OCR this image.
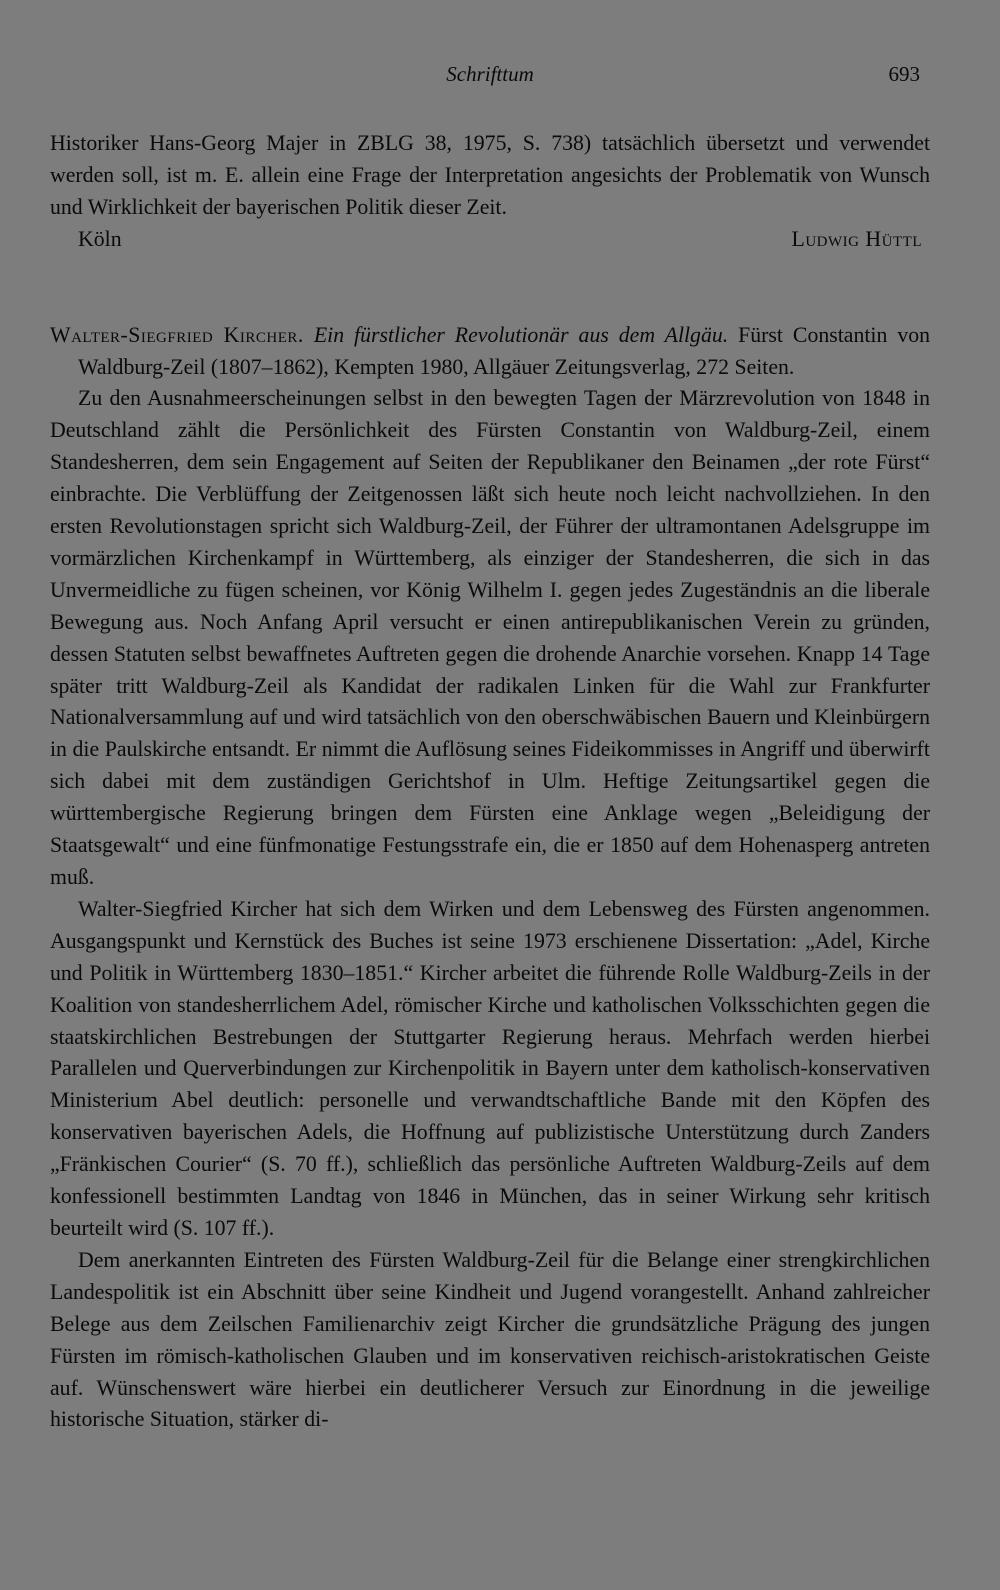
Schrifttum	693

Historiker Hans-Georg Majer in ZBLG 38, 1975, S. 738) tatsächlich übersetzt und verwendet werden soll, ist m. E. allein eine Frage der Interpretation angesichts der Problematik von Wunsch und Wirklichkeit der bayerischen Politik dieser Zeit.

Köln	Ludwig Hüttl

Walter-Siegfried Kircher. Ein fürstlicher Revolutionär aus dem Allgäu. Fürst Constantin von Waldburg-Zeil (1807–1862), Kempten 1980, Allgäuer Zeitungsverlag, 272 Seiten.

Zu den Ausnahmeerscheinungen selbst in den bewegten Tagen der Märzrevolution von 1848 in Deutschland zählt die Persönlichkeit des Fürsten Constantin von Waldburg-Zeil, einem Standesherren, dem sein Engagement auf Seiten der Republikaner den Beinamen „der rote Fürst“ einbrachte. Die Verblüffung der Zeitgenossen läßt sich heute noch leicht nachvollziehen. In den ersten Revolutionstagen spricht sich Waldburg-Zeil, der Führer der ultramontanen Adelsgruppe im vormärzlichen Kirchenkampf in Württemberg, als einziger der Standesherren, die sich in das Unvermeidliche zu fügen scheinen, vor König Wilhelm I. gegen jedes Zugeständnis an die liberale Bewegung aus. Noch Anfang April versucht er einen antirepublikanischen Verein zu gründen, dessen Statuten selbst bewaffnetes Auftreten gegen die drohende Anarchie vorsehen. Knapp 14 Tage später tritt Waldburg-Zeil als Kandidat der radikalen Linken für die Wahl zur Frankfurter Nationalversammlung auf und wird tatsächlich von den oberschwäbischen Bauern und Kleinbürgern in die Paulskirche entsandt. Er nimmt die Auflösung seines Fideikommisses in Angriff und überwirft sich dabei mit dem zuständigen Gerichtshof in Ulm. Heftige Zeitungsartikel gegen die württembergische Regierung bringen dem Fürsten eine Anklage wegen „Beleidigung der Staatsgewalt“ und eine fünfmonatige Festungsstrafe ein, die er 1850 auf dem Hohenasperg antreten muß.

Walter-Siegfried Kircher hat sich dem Wirken und dem Lebensweg des Fürsten angenommen. Ausgangspunkt und Kernstück des Buches ist seine 1973 erschienene Dissertation: „Adel, Kirche und Politik in Württemberg 1830–1851.“ Kircher arbeitet die führende Rolle Waldburg-Zeils in der Koalition von standesherrlichem Adel, römischer Kirche und katholischen Volksschichten gegen die staatskirchlichen Bestrebungen der Stuttgarter Regierung heraus. Mehrfach werden hierbei Parallelen und Querverbindungen zur Kirchenpolitik in Bayern unter dem katholisch-konservativen Ministerium Abel deutlich: personelle und verwandtschaftliche Bande mit den Köpfen des konservativen bayerischen Adels, die Hoffnung auf publizistische Unterstützung durch Zanders „Fränkischen Courier“ (S. 70 ff.), schließlich das persönliche Auftreten Waldburg-Zeils auf dem konfessionell bestimmten Landtag von 1846 in München, das in seiner Wirkung sehr kritisch beurteilt wird (S. 107 ff.).

Dem anerkannten Eintreten des Fürsten Waldburg-Zeil für die Belange einer strengkirchlichen Landespolitik ist ein Abschnitt über seine Kindheit und Jugend vorangestellt. Anhand zahlreicher Belege aus dem Zeilschen Familienarchiv zeigt Kircher die grundsätzliche Prägung des jungen Fürsten im römisch-katholischen Glauben und im konservativen reichisch-aristokratischen Geiste auf. Wünschenswert wäre hierbei ein deutlicherer Versuch zur Einordnung in die jeweilige historische Situation, stärker di-
